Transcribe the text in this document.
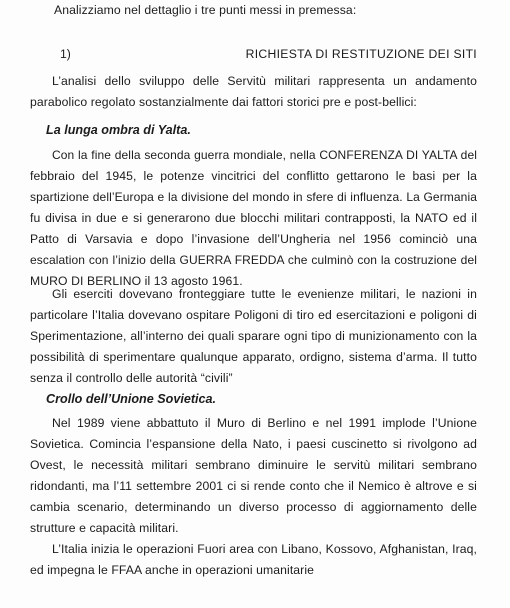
Analizziamo nel dettaglio i tre punti messi in premessa:
1)	RICHIESTA DI RESTITUZIONE DEI SITI
L’analisi dello sviluppo delle Servitù militari rappresenta un andamento
parabolico regolato sostanzialmente dai fattori storici pre e post-bellici:
La lunga ombra di Yalta.
Con la fine della seconda guerra mondiale, nella CONFERENZA DI YALTA del
febbraio del 1945, le potenze vincitrici del conflitto gettarono le basi per la
spartizione dell’Europa e la divisione del mondo in sfere di influenza. La Germania
fu divisa in due e si generarono due blocchi militari contrapposti, la NATO ed il
Patto di Varsavia e dopo l’invasione dell’Ungheria nel 1956 cominciò una
escalation con l’inizio della GUERRA FREDDA che culminò con la costruzione del
MURO DI BERLINO il 13 agosto 1961.
Gli eserciti dovevano fronteggiare tutte le evenienze militari, le nazioni in
particolare l’Italia dovevano ospitare Poligoni di tiro ed esercitazioni e poligoni di
Sperimentazione, all’interno dei quali sparare ogni tipo di munizionamento con la
possibilità di sperimentare qualunque apparato, ordigno, sistema d’arma. Il tutto
senza il controllo delle autorità “civili”
Crollo dell’Unione Sovietica.
Nel 1989 viene abbattuto il Muro di Berlino e nel 1991 implode l’Unione
Sovietica. Comincia l’espansione della Nato, i paesi cuscinetto si rivolgono ad
Ovest, le necessità militari sembrano diminuire le servitù militari sembrano
ridondanti, ma l’11 settembre 2001 ci si rende conto che il Nemico è altrove e si
cambia scenario, determinando un diverso processo di aggiornamento delle
strutture e capacità militari.
L’Italia inizia le operazioni Fuori area con Libano, Kossovo, Afghanistan, Iraq,
ed impegna le FFAA anche in operazioni umanitarie
